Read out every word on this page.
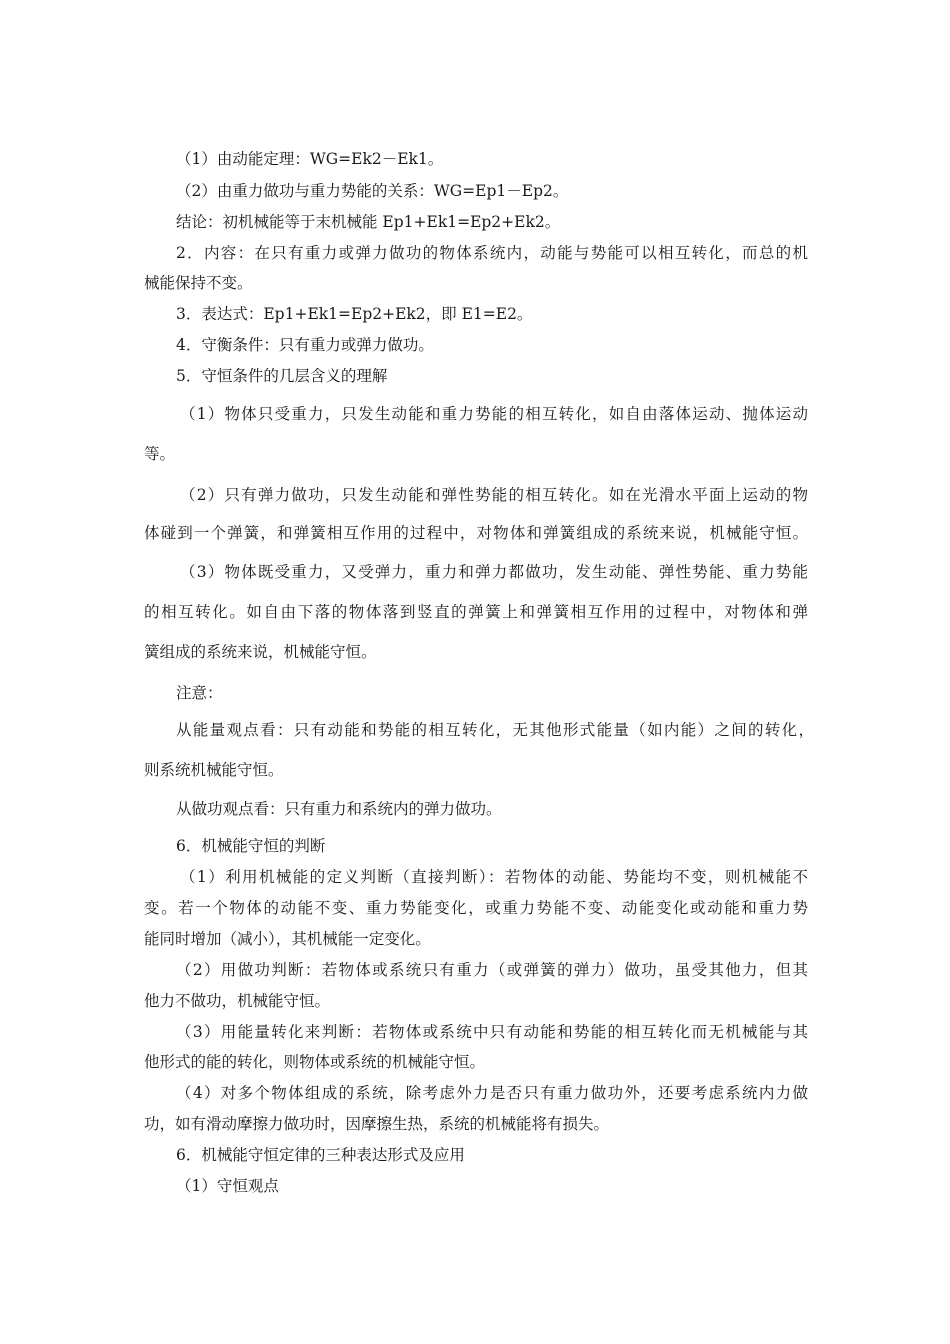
（1）由动能定理：WG=Ek2－Ek1。

（2）由重力做功与重力势能的关系：WG=Ep1－Ep2。

结论：初机械能等于末机械能 Ep1+Ek1=Ep2+Ek2。

2．内容：在只有重力或弹力做功的物体系统内，动能与势能可以相互转化，而总的机

械能保持不变。

3．表达式：Ep1+Ek1=Ep2+Ek2，即 E1=E2。

4．守衡条件：只有重力或弹力做功。

5．守恒条件的几层含义的理解

（1）物体只受重力，只发生动能和重力势能的相互转化，如自由落体运动、抛体运动

等。

（2）只有弹力做功，只发生动能和弹性势能的相互转化。如在光滑水平面上运动的物

体碰到一个弹簧，和弹簧相互作用的过程中，对物体和弹簧组成的系统来说，机械能守恒。

（3）物体既受重力，又受弹力，重力和弹力都做功，发生动能、弹性势能、重力势能

的相互转化。如自由下落的物体落到竖直的弹簧上和弹簧相互作用的过程中，对物体和弹

簧组成的系统来说，机械能守恒。

注意：

从能量观点看：只有动能和势能的相互转化，无其他形式能量（如内能）之间的转化，

则系统机械能守恒。

从做功观点看：只有重力和系统内的弹力做功。

6．机械能守恒的判断

（1）利用机械能的定义判断（直接判断）：若物体的动能、势能均不变，则机械能不

变。若一个物体的动能不变、重力势能变化，或重力势能不变、动能变化或动能和重力势

能同时增加（减小），其机械能一定变化。

（2）用做功判断：若物体或系统只有重力（或弹簧的弹力）做功，虽受其他力，但其

他力不做功，机械能守恒。

（3）用能量转化来判断：若物体或系统中只有动能和势能的相互转化而无机械能与其

他形式的能的转化，则物体或系统的机械能守恒。

（4）对多个物体组成的系统，除考虑外力是否只有重力做功外，还要考虑系统内力做

功，如有滑动摩擦力做功时，因摩擦生热，系统的机械能将有损失。

6．机械能守恒定律的三种表达形式及应用

（1）守恒观点
